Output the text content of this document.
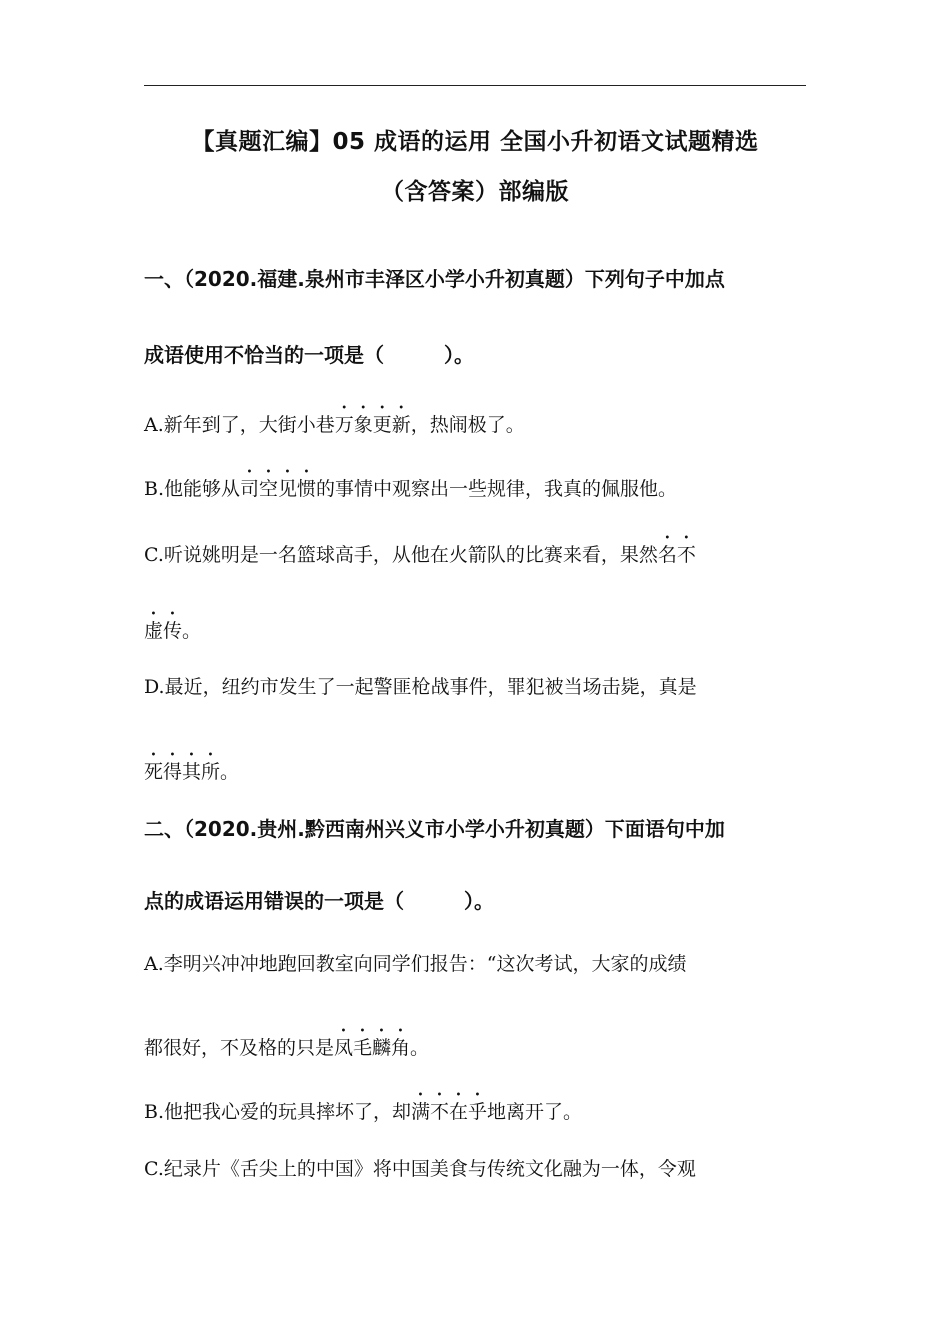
【真题汇编】05 成语的运用 全国小升初语文试题精选
（含答案）部编版
一、（2020.福建.泉州市丰泽区小学小升初真题）下列句子中加点
成语使用不恰当的一项是（　　　）。
A.新年到了，大街小巷万象更新，热闹极了。
B.他能够从司空见惯的事情中观察出一些规律，我真的佩服他。
C.听说姚明是一名篮球高手，从他在火箭队的比赛来看，果然名不
虚传。
D.最近，纽约市发生了一起警匪枪战事件，罪犯被当场击毙，真是
死得其所。
二、（2020.贵州.黔西南州兴义市小学小升初真题）下面语句中加
点的成语运用错误的一项是（　　　）。
A.李明兴冲冲地跑回教室向同学们报告：“这次考试，大家的成绩
都很好，不及格的只是凤毛麟角。
B.他把我心爱的玩具摔坏了，却满不在乎地离开了。
C.纪录片《舌尖上的中国》将中国美食与传统文化融为一体，令观
